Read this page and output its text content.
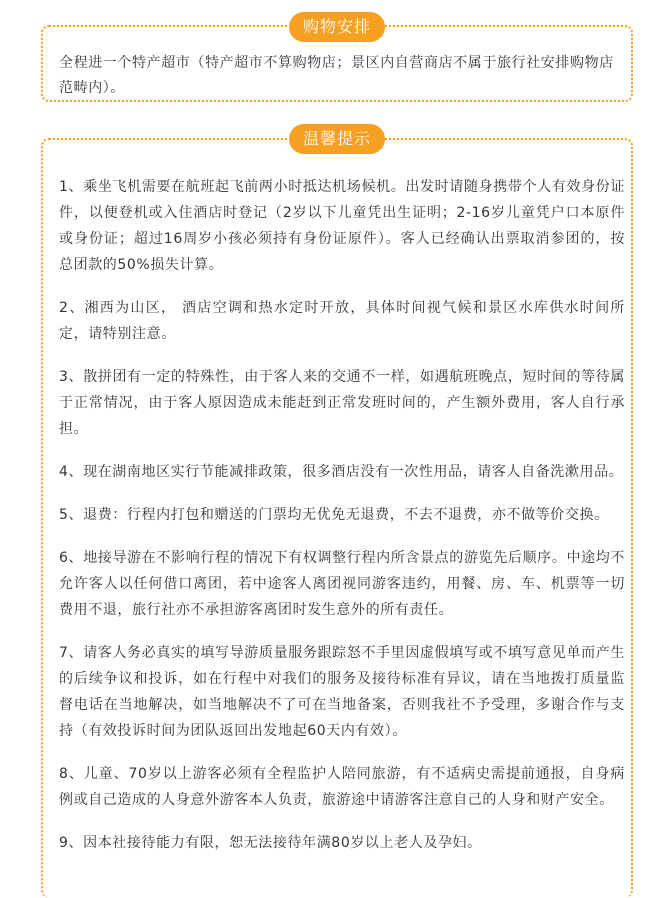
购物安排

全程进一个特产超市（特产超市不算购物店；景区内自营商店不属于旅行社安排购物店范畴内）。

温馨提示
1、乘坐飞机需要在航班起飞前两小时抵达机场候机。出发时请随身携带个人有效身份证件，以便登机或入住酒店时登记（2岁以下儿童凭出生证明；2-16岁儿童凭户口本原件或身份证；超过16周岁小孩必须持有身份证原件）。客人已经确认出票取消参团的，按总团款的50%损失计算。
2、湘西为山区， 酒店空调和热水定时开放，具体时间视气候和景区水库供水时间所定，请特别注意。
3、散拼团有一定的特殊性，由于客人来的交通不一样，如遇航班晚点，短时间的等待属于正常情况，由于客人原因造成未能赶到正常发班时间的，产生额外费用，客人自行承担。
4、现在湖南地区实行节能减排政策，很多酒店没有一次性用品，请客人自备洗漱用品。
5、退费：行程内打包和赠送的门票均无优免无退费，不去不退费，亦不做等价交换。
6、地接导游在不影响行程的情况下有权调整行程内所含景点的游览先后顺序。中途均不允许客人以任何借口离团，若中途客人离团视同游客违约，用餐、房、车、机票等一切费用不退，旅行社亦不承担游客离团时发生意外的所有责任。
7、请客人务必真实的填写导游质量服务跟踪怒不手里因虚假填写或不填写意见单而产生的后续争议和投诉，如在行程中对我们的服务及接待标准有异议，请在当地拨打质量监督电话在当地解决，如当地解决不了可在当地备案，否则我社不予受理，多谢合作与支持（有效投诉时间为团队返回出发地起60天内有效）。
8、儿童、70岁以上游客必须有全程监护人陪同旅游，有不适病史需提前通报，自身病例或自己造成的人身意外游客本人负责，旅游途中请游客注意自己的人身和财产安全。
9、因本社接待能力有限，恕无法接待年满80岁以上老人及孕妇。
